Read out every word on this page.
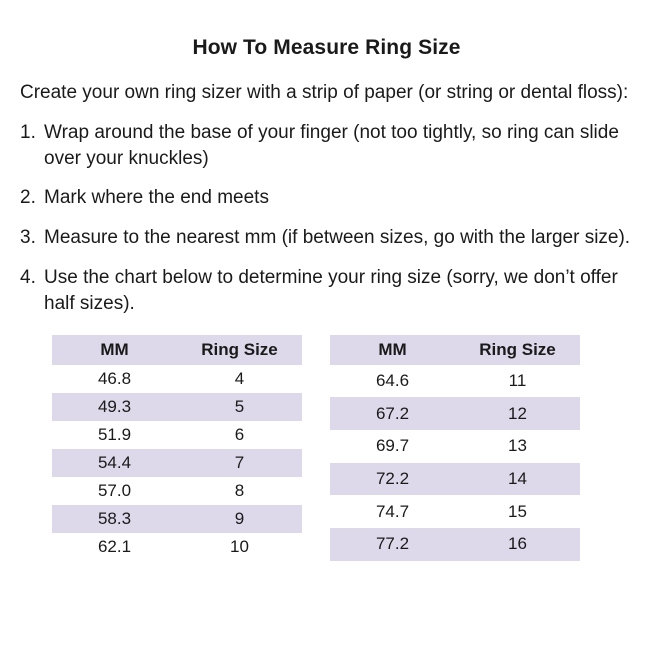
How To Measure Ring Size

Create your own ring sizer with a strip of paper (or string or dental floss):

1. Wrap around the base of your finger (not too tightly, so ring can slide over your knuckles)
2. Mark where the end meets
3. Measure to the nearest mm (if between sizes, go with the larger size).
4. Use the chart below to determine your ring size (sorry, we don’t offer half sizes).
MM	Ring Size
46.8	4
49.3	5
51.9	6
54.4	7
57.0	8
58.3	9
62.1	10
MM	Ring Size
64.6	11
67.2	12
69.7	13
72.2	14
74.7	15
77.2	16
